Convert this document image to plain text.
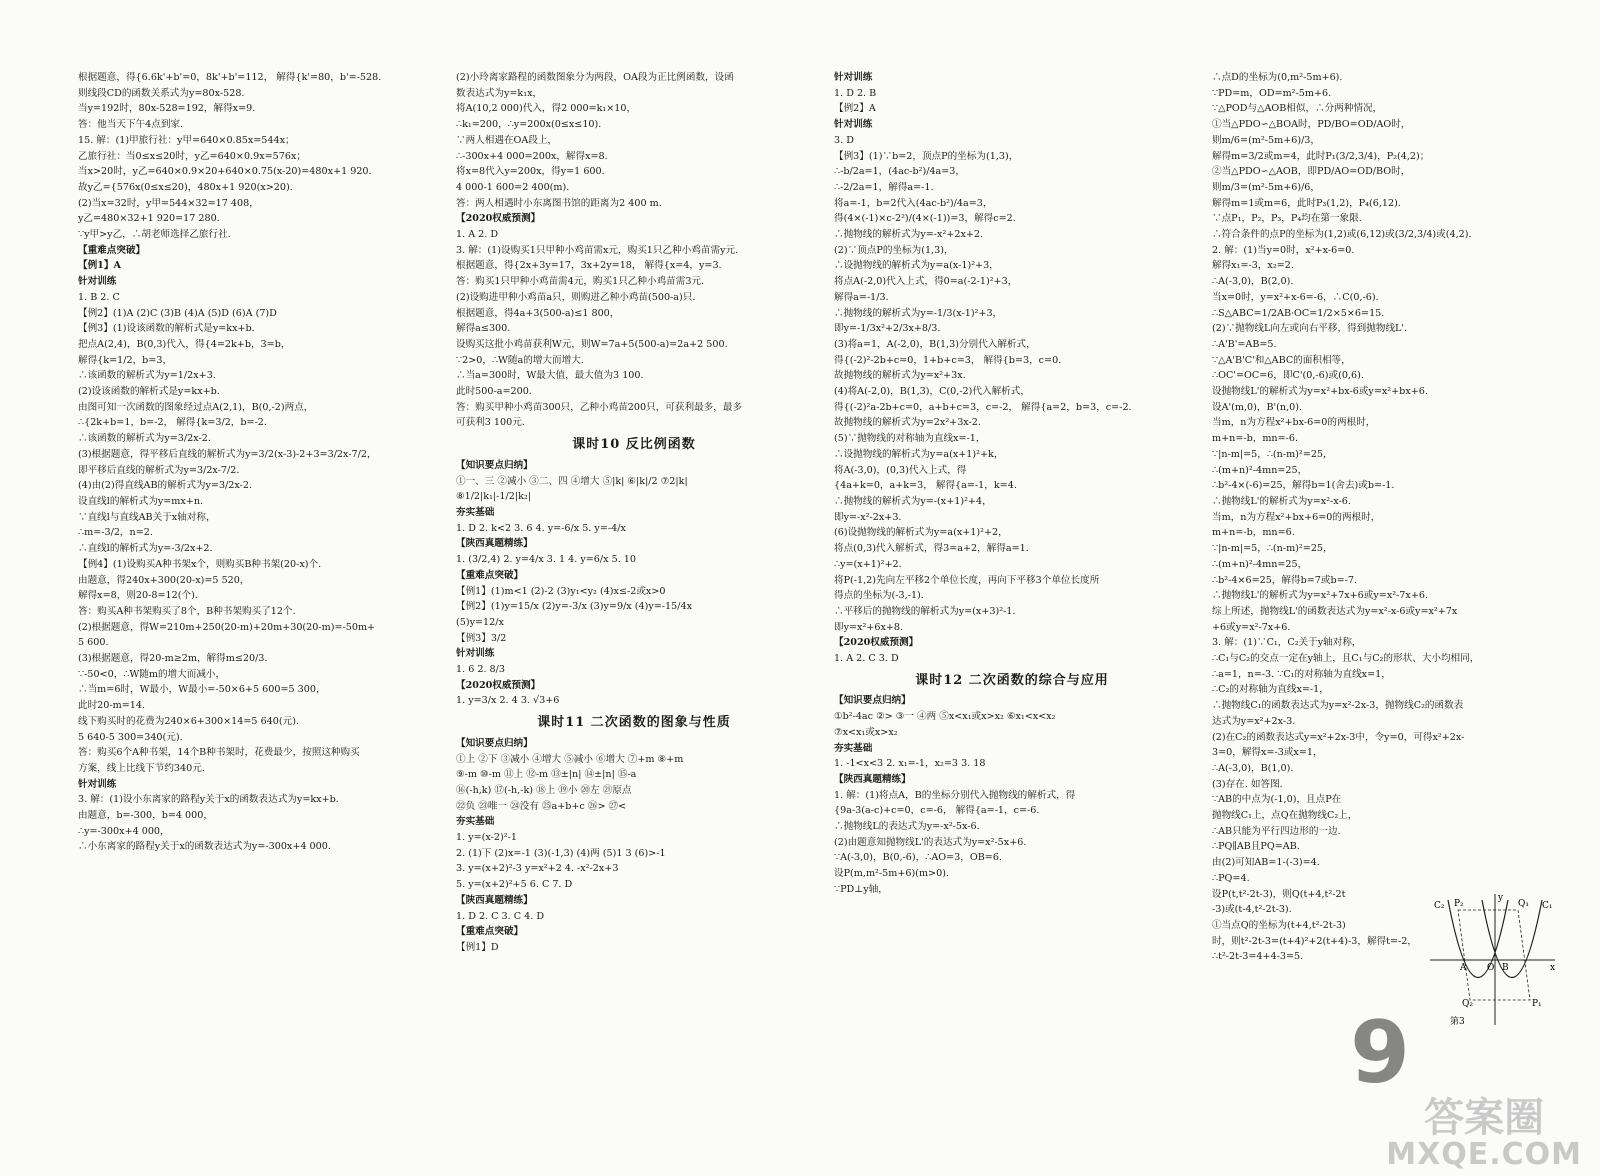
根据题意，得{6.6k'+b'=0，8k'+b'=112， 解得{k'=80，b'=-528.
则线段CD的函数关系式为y=80x-528.
当y=192时，80x-528=192，解得x=9.
答：他当天下午4点到家.
15. 解：(1)甲旅行社：y甲=640×0.85x=544x；
乙旅行社：当0≤x≤20时，y乙=640×0.9x=576x；
当x>20时，y乙=640×0.9×20+640×0.75(x-20)=480x+1 920.
故y乙={576x(0≤x≤20)，480x+1 920(x>20).
(2)当x=32时，y甲=544×32=17 408，
y乙=480×32+1 920=17 280.
∵y甲>y乙，∴胡老师选择乙旅行社.
【重难点突破】
【例1】A
针对训练
1. B 2. C
【例2】(1)A (2)C (3)B (4)A (5)D (6)A (7)D
【例3】(1)设该函数的解析式是y=kx+b.
把点A(2,4)，B(0,3)代入，得{4=2k+b，3=b，
解得{k=1/2，b=3，
∴该函数的解析式为y=1/2x+3.
(2)设该函数的解析式是y=kx+b.
由图可知一次函数的图象经过点A(2,1)，B(0,-2)两点，
∴{2k+b=1，b=-2， 解得{k=3/2，b=-2.
∴该函数的解析式为y=3/2x-2.
(3)根据题意，得平移后直线的解析式为y=3/2(x-3)-2+3=3/2x-7/2，
即平移后直线的解析式为y=3/2x-7/2.
(4)由(2)得直线AB的解析式为y=3/2x-2.
设直线l的解析式为y=mx+n.
∵直线l与直线AB关于x轴对称，
∴m=-3/2，n=2.
∴直线l的解析式为y=-3/2x+2.
【例4】(1)设购买A种书架x个，则购买B种书架(20-x)个.
由题意，得240x+300(20-x)=5 520，
解得x=8，则20-8=12(个).
答：购买A种书架购买了8个，B种书架购买了12个.
(2)根据题意，得W=210m+250(20-m)+20m+30(20-m)=-50m+
5 600.
(3)根据题意，得20-m≥2m，解得m≤20/3.
∵-50<0，∴W随m的增大而减小，
∴当m=6时，W最小，W最小=-50×6+5 600=5 300，
此时20-m=14.
线下购买时的花费为240×6+300×14=5 640(元).
5 640-5 300=340(元).
答：购买6个A种书架，14个B种书架时，花费最少，按照这种购买
方案，线上比线下节约340元.
针对训练
3. 解：(1)设小东离家的路程y关于x的函数表达式为y=kx+b.
由题意，b=-300，b=4 000，
∴y=-300x+4 000，
∴小东离家的路程y关于x的函数表达式为y=-300x+4 000.
(2)小玲离家路程的函数图象分为两段，OA段为正比例函数，设函
数表达式为y=k₁x，
将A(10,2 000)代入，得2 000=k₁×10，
∴k₁=200，∴y=200x(0≤x≤10).
∵两人相遇在OA段上，
∴-300x+4 000=200x，解得x=8.
将x=8代入y=200x，得y=1 600.
4 000-1 600=2 400(m).
答：两人相遇时小东离图书馆的距离为2 400 m.
【2020权威预测】
1. A 2. D
3. 解：(1)设购买1只甲种小鸡苗需x元，购买1只乙种小鸡苗需y元.
根据题意，得{2x+3y=17，3x+2y=18， 解得{x=4，y=3.
答：购买1只甲种小鸡苗需4元，购买1只乙种小鸡苗需3元.
(2)设购进甲种小鸡苗a只，则购进乙种小鸡苗(500-a)只.
根据题意，得4a+3(500-a)≤1 800，
解得a≤300.
设购买这批小鸡苗获利W元，则W=7a+5(500-a)=2a+2 500.
∵2>0，∴W随a的增大而增大.
∴当a=300时，W最大值，最大值为3 100.
此时500-a=200.
答：购买甲种小鸡苗300只，乙种小鸡苗200只，可获利最多，最多
可获利3 100元.
课时10 反比例函数
【知识要点归纳】
①一、三 ②减小 ③二、四 ④增大 ⑤|k| ⑥|k|/2 ⑦2|k|
⑧1/2|k₁|-1/2|k₂|
夯实基础
1. D 2. k<2 3. 6 4. y=-6/x 5. y=-4/x
【陕西真题精练】
1. (3/2,4) 2. y=4/x 3. 1 4. y=6/x 5. 10
【重难点突破】
【例1】(1)m<1 (2)-2 (3)y₁<y₂ (4)x≤-2或x>0
【例2】(1)y=15/x (2)y=-3/x (3)y=9/x (4)y=-15/4x
(5)y=12/x
【例3】3/2
针对训练
1. 6 2. 8/3
【2020权威预测】
1. y=3/x 2. 4 3. √3+6
课时11 二次函数的图象与性质
【知识要点归纳】
①上 ②下 ③减小 ④增大 ⑤减小 ⑥增大 ⑦+m ⑧+m
⑨-m ⑩-m ⑪上 ⑫-m ⑬±|n| ⑭±|n| ⑮-a
⑯(-h,k) ⑰(-h,-k) ⑱上 ⑲小 ⑳左 ㉑原点
㉒负 ㉓唯一 ㉔没有 ㉕a+b+c ㉖> ㉗<
夯实基础
1. y=(x-2)²-1
2. (1)下 (2)x=-1 (3)(-1,3) (4)两 (5)1 3 (6)>-1
3. y=(x+2)²-3 y=x²+2 4. -x²-2x+3
5. y=(x+2)²+5 6. C 7. D
【陕西真题精练】
1. D 2. C 3. C 4. D
【重难点突破】
【例1】D
针对训练
1. D 2. B
【例2】A
针对训练
3. D
【例3】(1)∵b=2，顶点P的坐标为(1,3)，
∴-b/2a=1，(4ac-b²)/4a=3，
∴-2/2a=1，解得a=-1.
将a=-1，b=2代入(4ac-b²)/4a=3，
得(4×(-1)×c-2²)/(4×(-1))=3，解得c=2.
∴抛物线的解析式为y=-x²+2x+2.
(2)∵顶点P的坐标为(1,3)，
∴设抛物线的解析式为y=a(x-1)²+3，
将点A(-2,0)代入上式，得0=a(-2-1)²+3，
解得a=-1/3.
∴抛物线的解析式为y=-1/3(x-1)²+3，
即y=-1/3x²+2/3x+8/3.
(3)将a=1，A(-2,0)，B(1,3)分别代入解析式，
得{(-2)²-2b+c=0，1+b+c=3， 解得{b=3，c=0.
故抛物线的解析式为y=x²+3x.
(4)将A(-2,0)，B(1,3)，C(0,-2)代入解析式，
得{(-2)²a-2b+c=0，a+b+c=3，c=-2， 解得{a=2，b=3，c=-2.
故抛物线的解析式为y=2x²+3x-2.
(5)∵抛物线的对称轴为直线x=-1，
∴设抛物线的解析式为y=a(x+1)²+k，
将A(-3,0)，(0,3)代入上式，得
{4a+k=0，a+k=3， 解得{a=-1，k=4.
∴抛物线的解析式为y=-(x+1)²+4，
即y=-x²-2x+3.
(6)设抛物线的解析式为y=a(x+1)²+2，
将点(0,3)代入解析式，得3=a+2，解得a=1.
∴y=(x+1)²+2.
将P(-1,2)先向左平移2个单位长度，再向下平移3个单位长度所
得点的坐标为(-3,-1).
∴平移后的抛物线的解析式为y=(x+3)²-1.
即y=x²+6x+8.
【2020权威预测】
1. A 2. C 3. D
课时12 二次函数的综合与应用
【知识要点归纳】
①b²-4ac ②> ③一 ④两 ⑤x<x₁或x>x₂ ⑥x₁<x<x₂
⑦x<x₁或x>x₂
夯实基础
1. -1<x<3 2. x₁=-1，x₂=3 3. 18
【陕西真题精练】
1. 解：(1)将点A，B的坐标分别代入抛物线的解析式，得
{9a-3(a-c)+c=0，c=-6， 解得{a=-1，c=-6.
∴抛物线L的表达式为y=-x²-5x-6.
(2)由题意知抛物线L'的表达式为y=x²-5x+6.
∵A(-3,0)，B(0,-6)，∴AO=3，OB=6.
设P(m,m²-5m+6)(m>0).
∵PD⊥y轴，
∴点D的坐标为(0,m²-5m+6).
∵PD=m，OD=m²-5m+6.
∵△POD与△AOB相似，∴分两种情况，
①当△PDO∽△BOA时，PD/BO=OD/AO时，
则m/6=(m²-5m+6)/3，
解得m=3/2或m=4，此时P₁(3/2,3/4)，P₂(4,2)；
②当△PDO∽△AOB，即PD/AO=OD/BO时，
则m/3=(m²-5m+6)/6，
解得m=1或m=6，此时P₃(1,2)，P₄(6,12).
∵点P₁，P₂，P₃，P₄均在第一象限.
∴符合条件的点P的坐标为(1,2)或(6,12)或(3/2,3/4)或(4,2).
2. 解：(1)当y=0时，x²+x-6=0.
解得x₁=-3，x₂=2.
∴A(-3,0)，B(2,0).
当x=0时，y=x²+x-6=-6，∴C(0,-6).
∴S△ABC=1/2AB·OC=1/2×5×6=15.
(2)∵抛物线L向左或向右平移，得到抛物线L'.
∴A'B'=AB=5.
∵△A'B'C'和△ABC的面积相等，
∴OC'=OC=6，即C'(0,-6)或(0,6).
设抛物线L'的解析式为y=x²+bx-6或y=x²+bx+6.
设A'(m,0)，B'(n,0).
当m，n为方程x²+bx-6=0的两根时，
m+n=-b，mn=-6.
∵|n-m|=5，∴(n-m)²=25，
∴(m+n)²-4mn=25，
∴b²-4×(-6)=25，解得b=1(舍去)或b=-1.
∴抛物线L'的解析式为y=x²-x-6.
当m，n为方程x²+bx+6=0的两根时，
m+n=-b，mn=6.
∵|n-m|=5，∴(n-m)²=25，
∴(m+n)²-4mn=25，
∴b²-4×6=25，解得b=7或b=-7.
∴抛物线L'的解析式为y=x²+7x+6或y=x²-7x+6.
综上所述，抛物线L'的函数表达式为y=x²-x-6或y=x²+7x
+6或y=x²-7x+6.
3. 解：(1)∵C₁，C₂关于y轴对称，
∴C₁与C₂的交点一定在y轴上，且C₁与C₂的形状、大小均相同，
∴a=1，n=-3. ∵C₁的对称轴为直线x=1，
∴C₂的对称轴为直线x=-1，
∴抛物线C₁的函数表达式为y=x²-2x-3，抛物线C₂的函数表
达式为y=x²+2x-3.
(2)在C₂的函数表达式y=x²+2x-3中，令y=0，可得x²+2x-
3=0，解得x=-3或x=1，
∴A(-3,0)，B(1,0).
(3)存在. 如答图.
∵AB的中点为(-1,0)，且点P在
抛物线C₁上，点Q在抛物线C₂上，
∴AB只能为平行四边形的一边.
∴PQ∥AB且PQ=AB.
由(2)可知AB=1-(-3)=4.
∴PQ=4.
设P(t,t²-2t-3)，则Q(t+4,t²-2t
-3)或(t-4,t²-2t-3).
①当点Q的坐标为(t+4,t²-2t-3)
时，则t²-2t-3=(t+4)²+2(t+4)-3，解得t=-2，
∴t²-2t-3=4+4-3=5.
C₂ P₂
y
Q₁ C₁
A O B	x
Q₂	P₁
第3
9
答案圈
MXQE.COM
